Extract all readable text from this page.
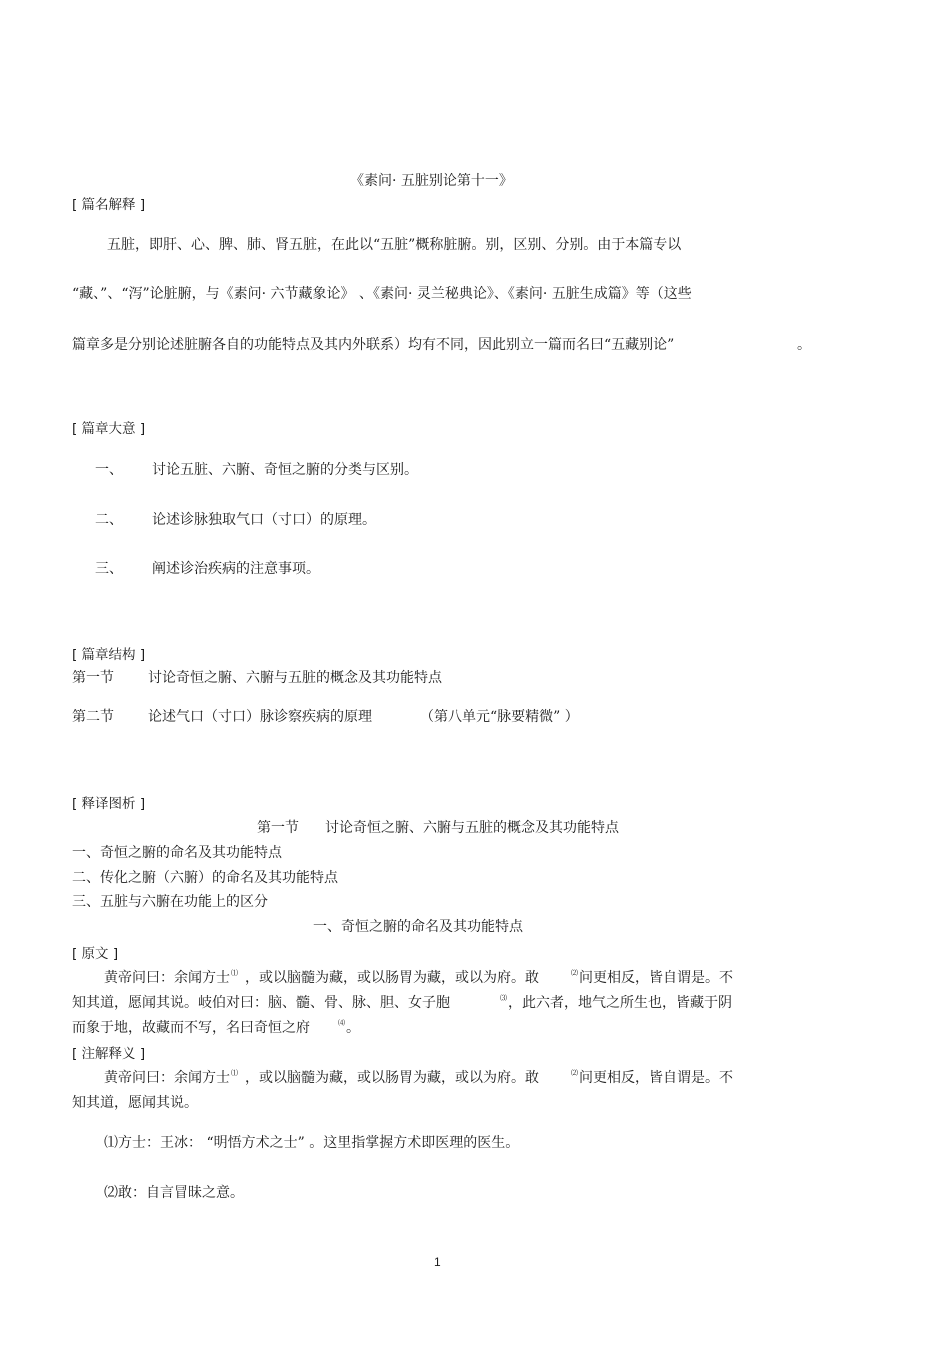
《素问· 五脏别论第十一》
[ 篇名解释 ]
五脏，即肝、心、脾、肺、肾五脏，在此以“五脏”概称脏腑。别，区别、分别。由于本篇专以
“藏、”、“泻”论脏腑，与《素问· 六节藏象论》 、《素问· 灵兰秘典论》、《素问· 五脏生成篇》等（这些
篇章多是分别论述脏腑各自的功能特点及其内外联系）均有不同，因此别立一篇而名曰“五藏别论”	。
[ 篇章大意 ]
一、 讨论五脏、六腑、奇恒之腑的分类与区别。
二、 论述诊脉独取气口（寸口）的原理。
三、 阐述诊治疾病的注意事项。
[ 篇章结构 ]
第一节 讨论奇恒之腑、六腑与五脏的概念及其功能特点
第二节 论述气口（寸口）脉诊察疾病的原理	（第八单元“脉要精微” ）
[ 释译图析 ]
第一节 讨论奇恒之腑、六腑与五脏的概念及其功能特点
一、奇恒之腑的命名及其功能特点
二、传化之腑（六腑）的命名及其功能特点
三、五脏与六腑在功能上的区分
一、奇恒之腑的命名及其功能特点
[ 原文 ]
黄帝问曰：余闻方士⑴ ，或以脑髓为藏，或以肠胃为藏，或以为府。敢	⑵问更相反，皆自谓是。不
知其道，愿闻其说。岐伯对曰：脑、髓、骨、脉、胆、女子胞	⑶，此六者，地气之所生也，皆藏于阴
而象于地，故藏而不写，名曰奇恒之府	⑷。
[ 注解释义 ]
黄帝问曰：余闻方士⑴ ，或以脑髓为藏，或以肠胃为藏，或以为府。敢	⑵问更相反，皆自谓是。不
知其道，愿闻其说。
⑴方士：王冰： “明悟方术之士” 。这里指掌握方术即医理的医生。
⑵敢：自言冒昧之意。
1
